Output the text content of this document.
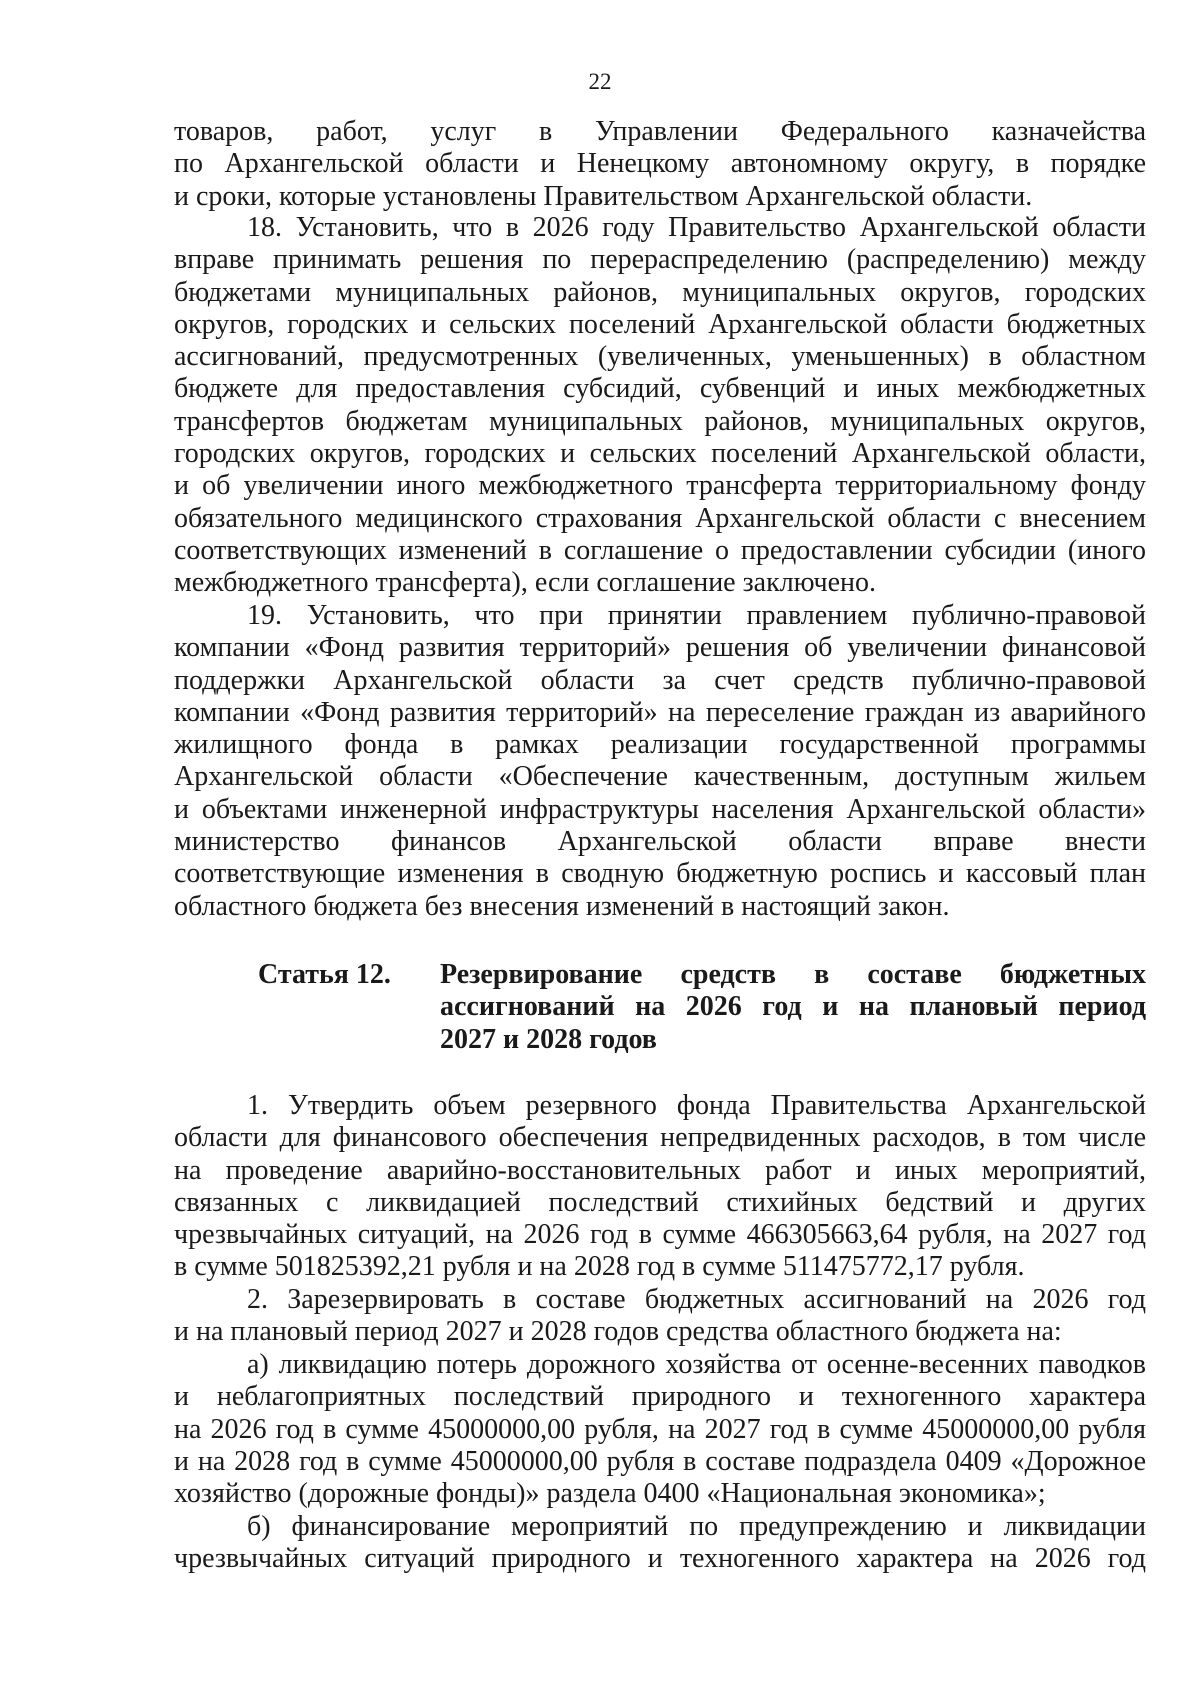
22
товаров, работ, услуг в Управлении Федерального казначейства
по Архангельской области и Ненецкому автономному округу, в порядке
и сроки, которые установлены Правительством Архангельской области.
18. Установить, что в 2026 году Правительство Архангельской области
вправе принимать решения по перераспределению (распределению) между
бюджетами муниципальных районов, муниципальных округов, городских
округов, городских и сельских поселений Архангельской области бюджетных
ассигнований, предусмотренных (увеличенных, уменьшенных) в областном
бюджете для предоставления субсидий, субвенций и иных межбюджетных
трансфертов бюджетам муниципальных районов, муниципальных округов,
городских округов, городских и сельских поселений Архангельской области,
и об увеличении иного межбюджетного трансферта территориальному фонду
обязательного медицинского страхования Архангельской области с внесением
соответствующих изменений в соглашение о предоставлении субсидии (иного
межбюджетного трансферта), если соглашение заключено.
19. Установить, что при принятии правлением публично-правовой
компании «Фонд развития территорий» решения об увеличении финансовой
поддержки Архангельской области за счет средств публично-правовой
компании «Фонд развития территорий» на переселение граждан из аварийного
жилищного фонда в рамках реализации государственной программы
Архангельской области «Обеспечение качественным, доступным жильем
и объектами инженерной инфраструктуры населения Архангельской области»
министерство финансов Архангельской области вправе внести
соответствующие изменения в сводную бюджетную роспись и кассовый план
областного бюджета без внесения изменений в настоящий закон.
Статья 12. Резервирование средств в составе бюджетных
ассигнований на 2026 год и на плановый период
2027 и 2028 годов
1. Утвердить объем резервного фонда Правительства Архангельской
области для финансового обеспечения непредвиденных расходов, в том числе
на проведение аварийно-восстановительных работ и иных мероприятий,
связанных с ликвидацией последствий стихийных бедствий и других
чрезвычайных ситуаций, на 2026 год в сумме 466305663,64 рубля, на 2027 год
в сумме 501825392,21 рубля и на 2028 год в сумме 511475772,17 рубля.
2. Зарезервировать в составе бюджетных ассигнований на 2026 год
и на плановый период 2027 и 2028 годов средства областного бюджета на:
а) ликвидацию потерь дорожного хозяйства от осенне-весенних паводков
и неблагоприятных последствий природного и техногенного характера
на 2026 год в сумме 45000000,00 рубля, на 2027 год в сумме 45000000,00 рубля
и на 2028 год в сумме 45000000,00 рубля в составе подраздела 0409 «Дорожное
хозяйство (дорожные фонды)» раздела 0400 «Национальная экономика»;
б) финансирование мероприятий по предупреждению и ликвидации
чрезвычайных ситуаций природного и техногенного характера на 2026 год
